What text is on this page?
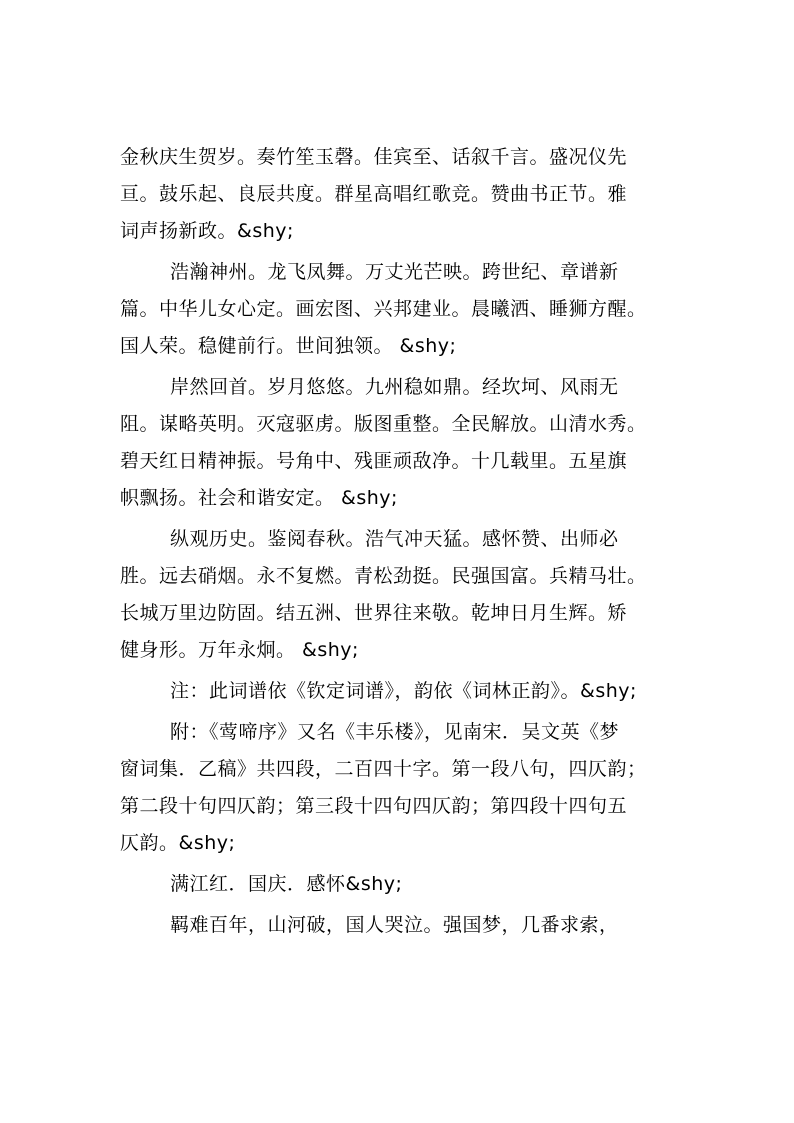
金秋庆生贺岁。奏竹笙玉磬。佳宾至、话叙千言。盛况仪先
亘。鼓乐起、良辰共度。群星高唱红歌竞。赞曲书正节。雅
词声扬新政。&shy;
浩瀚神州。龙飞凤舞。万丈光芒映。跨世纪、章谱新
篇。中华儿女心定。画宏图、兴邦建业。晨曦洒、睡狮方醒。
国人荣。稳健前行。世间独领。 &shy;
岸然回首。岁月悠悠。九州稳如鼎。经坎坷、风雨无
阻。谋略英明。灭寇驱虏。版图重整。全民解放。山清水秀。
碧天红日精神振。号角中、残匪顽敌净。十几载里。五星旗
帜飘扬。社会和谐安定。 &shy;
纵观历史。鉴阅春秋。浩气冲天猛。感怀赞、出师必
胜。远去硝烟。永不复燃。青松劲挺。民强国富。兵精马壮。
长城万里边防固。结五洲、世界往来敬。乾坤日月生辉。矫
健身形。万年永炯。 &shy;
注：此词谱依《钦定词谱》，韵依《词林正韵》。&shy;
附：《莺啼序》又名《丰乐楼》，见南宋．吴文英《梦
窗词集．乙稿》共四段，二百四十字。第一段八句，四仄韵；
第二段十句四仄韵；第三段十四句四仄韵；第四段十四句五
仄韵。&shy;
满江红．国庆．感怀&shy;
羁难百年，山河破，国人哭泣。强国梦，几番求索，
